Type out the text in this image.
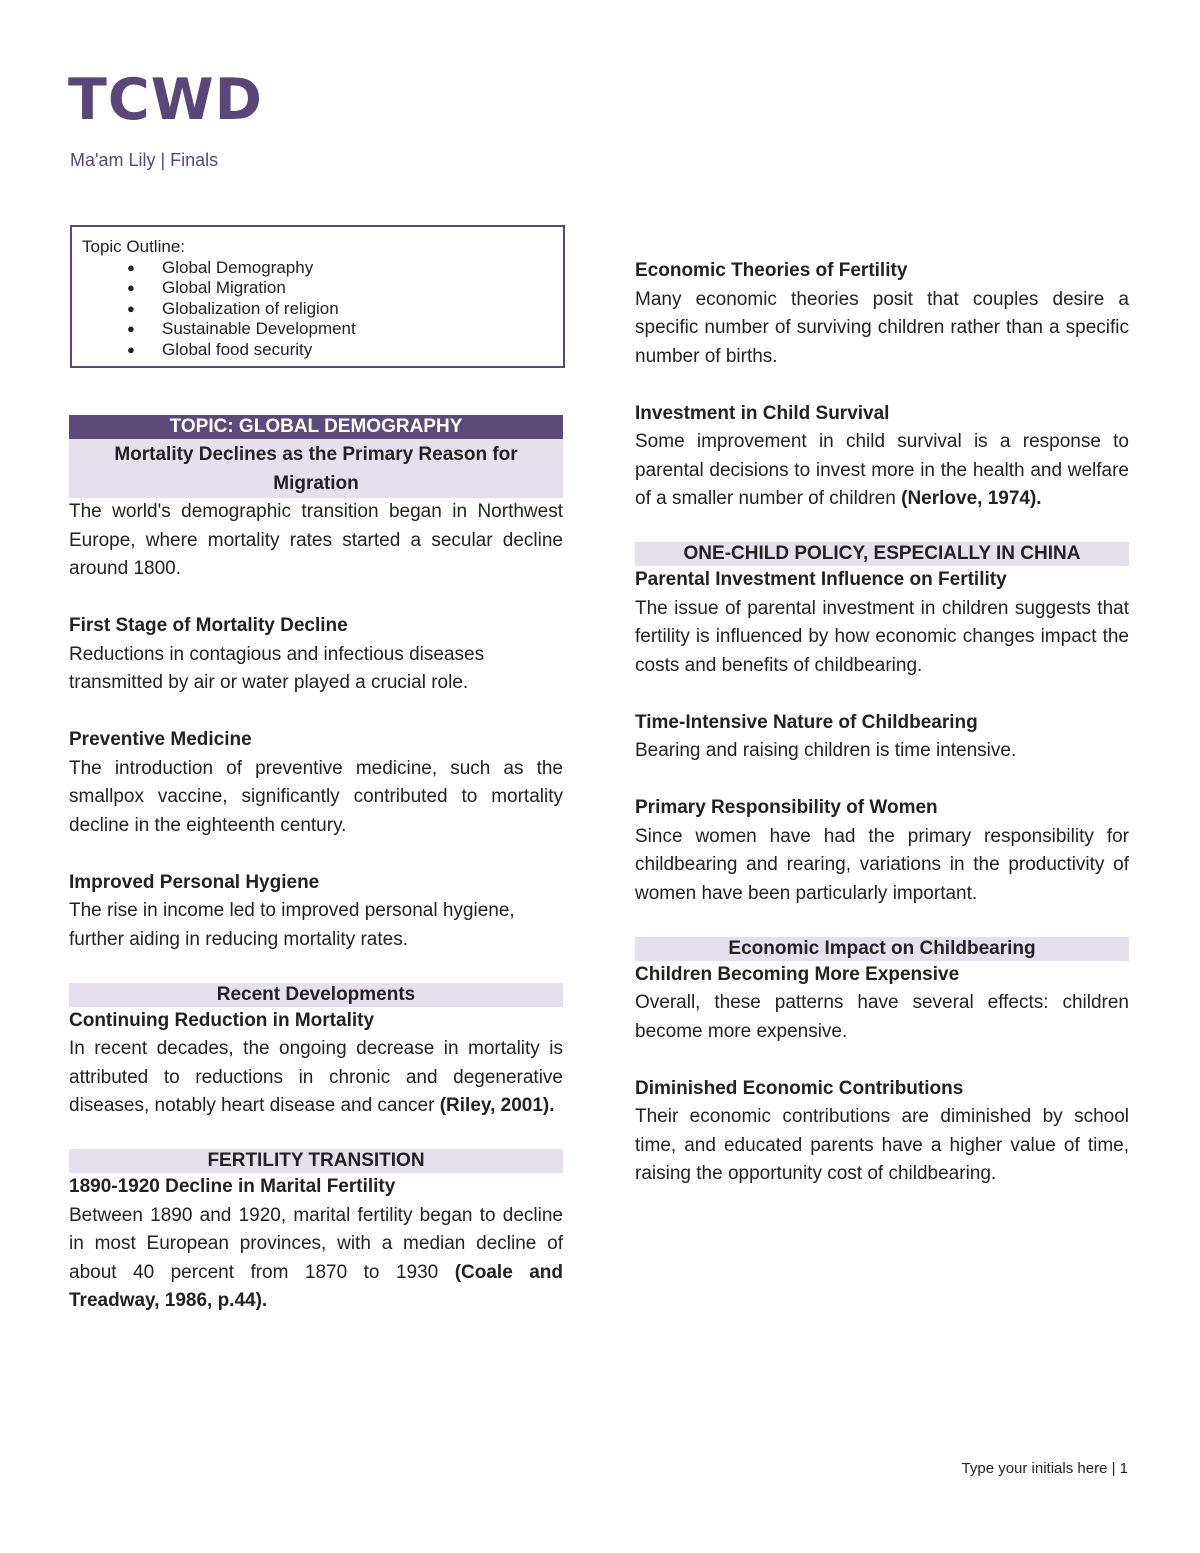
TCWD
Ma'am Lily | Finals
Topic Outline:
● Global Demography
● Global Migration
● Globalization of religion
● Sustainable Development
● Global food security
TOPIC: GLOBAL DEMOGRAPHY
Mortality Declines as the Primary Reason for Migration

The world's demographic transition began in Northwest Europe, where mortality rates started a secular decline around 1800.

First Stage of Mortality Decline

Reductions in contagious and infectious diseases transmitted by air or water played a crucial role.

Preventive Medicine

The introduction of preventive medicine, such as the smallpox vaccine, significantly contributed to mortality decline in the eighteenth century.

Improved Personal Hygiene

The rise in income led to improved personal hygiene, further aiding in reducing mortality rates.

Recent Developments

Continuing Reduction in Mortality

In recent decades, the ongoing decrease in mortality is attributed to reductions in chronic and degenerative diseases, notably heart disease and cancer (Riley, 2001).

FERTILITY TRANSITION

1890-1920 Decline in Marital Fertility

Between 1890 and 1920, marital fertility began to decline in most European provinces, with a median decline of about 40 percent from 1870 to 1930 (Coale and Treadway, 1986, p.44).

Economic Theories of Fertility

Many economic theories posit that couples desire a specific number of surviving children rather than a specific number of births.

Investment in Child Survival

Some improvement in child survival is a response to parental decisions to invest more in the health and welfare of a smaller number of children (Nerlove, 1974).

ONE-CHILD POLICY, ESPECIALLY IN CHINA

Parental Investment Influence on Fertility

The issue of parental investment in children suggests that fertility is influenced by how economic changes impact the costs and benefits of childbearing.

Time-Intensive Nature of Childbearing

Bearing and raising children is time intensive.

Primary Responsibility of Women

Since women have had the primary responsibility for childbearing and rearing, variations in the productivity of women have been particularly important.

Economic Impact on Childbearing

Children Becoming More Expensive

Overall, these patterns have several effects: children become more expensive.

Diminished Economic Contributions

Their economic contributions are diminished by school time, and educated parents have a higher value of time, raising the opportunity cost of childbearing.

Type your initials here | 1
